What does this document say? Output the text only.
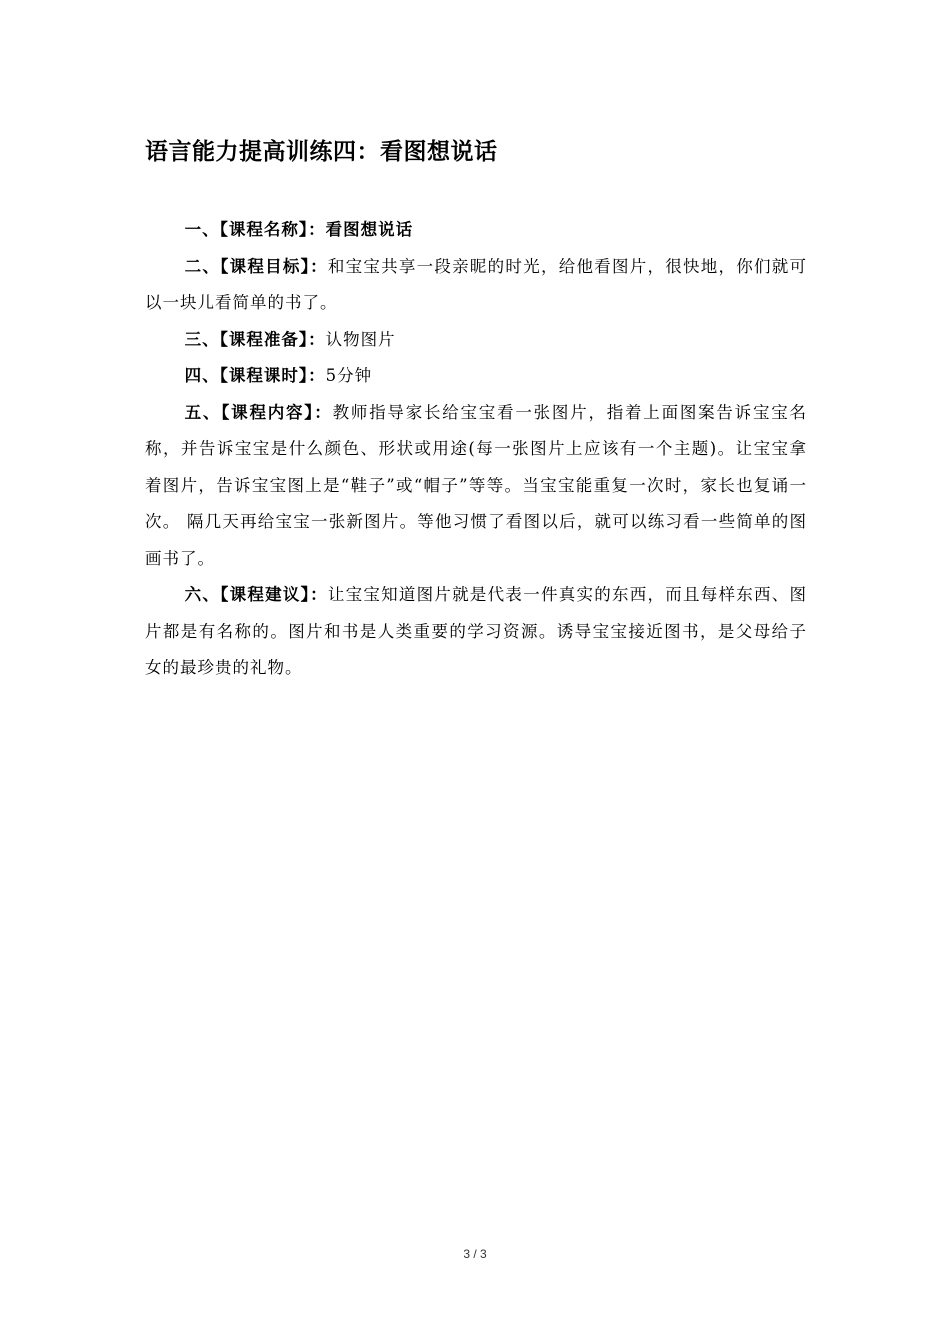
语言能力提高训练四：看图想说话

一、【课程名称】：看图想说话

二、【课程目标】：和宝宝共享一段亲昵的时光，给他看图片，很快地，你们就可以一块儿看简单的书了。

三、【课程准备】：认物图片

四、【课程课时】：5分钟

五、【课程内容】：教师指导家长给宝宝看一张图片，指着上面图案告诉宝宝名称，并告诉宝宝是什么颜色、形状或用途(每一张图片上应该有一个主题)。让宝宝拿着图片，告诉宝宝图上是“鞋子”或“帽子”等等。当宝宝能重复一次时，家长也复诵一次。 隔几天再给宝宝一张新图片。等他习惯了看图以后，就可以练习看一些简单的图画书了。

六、【课程建议】：让宝宝知道图片就是代表一件真实的东西，而且每样东西、图片都是有名称的。图片和书是人类重要的学习资源。诱导宝宝接近图书，是父母给子女的最珍贵的礼物。

3 / 3
